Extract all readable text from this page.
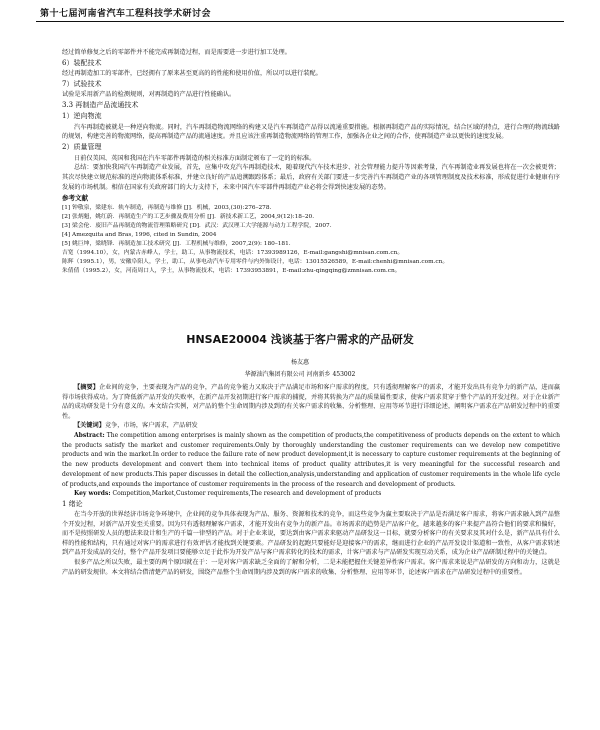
第十七届河南省汽车工程科技学术研讨会

经过简单修复之后的零部件并不能完成再制造过程，而是需要进一步进行加工处理。

6）装配技术

经过再制造加工的零部件，已经拥有了原来甚至更高的的性能和使用价值，所以可以进行装配。

7）试验技术

试验是采用新产品的检测规则，对再制造的产品进行性能确认。

3.3 再制造产品流通技术

1）逆向物流

汽车再制造被就是一种逆向物流。同时，汽车再制造物流网络的构建又是汽车再制造产品得以流通重要措施。根据再制造产品的实际情况，结合区域的特点，进行合理的物流线路的规划，构建完善的物流网络，提高再制造产品的流通速度。并且应该注重再制造物流网络的管理工作，加强各企业之间的合作，使再制造产业以更快的速度发展。

2）质量管理

日前仅美国、英国和我国在汽车零部件再制造的相关标准方面制定颁布了一定的的标准。

总结：要加快我国汽车再制造产业发展，首先，应集中攻克汽车再制造技术，随着现代汽车技术进步、社会管理能力提升等因素考量，汽车再制造业再发展也将在一次会被更替；其次尽快建立规范标准的逆向物流体系标准，并建立良好的产品追溯跟踪体系；最后，政府有关部门要进一步完善汽车再制造产业的各项管理制度及技术标准，形成促进行业健康有序发展的市场机制。相信在国家有关政府部门的大力支持下，未来中国汽车零部件再制造产业必将会得到快速发展的态势。

参考文献

[1] 钟敬泉，梁建东．轨车制造，再制造与维修 [J]．机械，2003,(30):276–278.

[2] 张炳魁，姚红蔚．再制造生产的工艺步骤及费用分析 [J]．新技术新工艺，2004,9(12):18–20.

[3] 梁会伦．废旧产品再制造的物流管理策略研究 [D]．武汉：武汉理工大学能源与动力工程学院，2007.

[4] Amezquita and Bras, 1996, cited in Sundin, 2004

[5] 姚巨坤，梁晓锋．再制造加工技术研究 [J]．工程机械与维修，2007,2(9): 180–181.

吉宽（1994.10），女，内蒙古赤峰人，学士，助工，从事物流技术，电话：17393989126，E-mail:gangshi@mnisan.com.cn。

陈辉（1995.1），男，安徽阜阳人，学士，助工，从事电动汽车专用零件与内外饰设计，电话：13015526589，E-mail:chenhi@mnisan.com.cn。

朱倩倩（1995.2），女，河南周口人，学士，从事物流技术，电话：17393953891，E-mail:zhu-qingqing@zmnisan.com.cn。

HNSAE20004 浅谈基于客户需求的产品研发
杨友惠
华源油汽集团有限公司 河南新乡 453002

【摘要】企业间的竞争，主要表现为产品的竞争，产品的竞争能力又取决于产品满足市场和客户需求的程度，只有透彻理解客户的需求，才能开发出具有竞争力的新产品，进而赢得市场获得成功。为了降低新产品开发的失败率，在新产品开发初期进行客户需求的捕捉，并将其转换为产品的质量属性要求，使客户需求贯穿于整个产品的开发过程。对于企业新产品的成功研发是十分有意义的。本文结合实例，对产品的整个生命周期内涉及到的有关客户需求的收集、分析整理、应用等环节进行详细论述，阐明客户需求在产品研发过程中的重要性。

【关键词】竞争，市场，客户需求，产品研发

Abstract: The competition among enterprises is mainly shown as the competition of products,the competitiveness of products depends on the extent to which the products satisfy the market and customer requirements.Only by thoroughly understanding the customer requirements can we develop new competitive products and win the market.In order to reduce the failure rate of new product development,it is necessary to capture customer requirements at the beginning of the new products development and convert them into technical items of product quality attributes,it is very meaningful for the successful research and development of new products.This paper discusses in detail the collection,analysis,understanding and application of customer requirements in the whole life cycle of products,and expounds the importance of customer requirements in the process of the research and development of products.

Key words: Competition,Market,Customer requirements,The research and development of products

1 绪论

在当今开放的世界经济市场竞争环境中，企业间的竞争具体表现为产品、服务、资源和技术的竞争，而这些竞争为赢主要取决于产品是否满足客户需求，将客户需求融入到产品整个开发过程，对新产品开发至关重要。因为只有透彻理解客户需求，才能开发出有竞争力的新产品。市场需求的趋势是产品客户化，越来越多的客户来提产品符合他们的要求和偏好，而不是按照研发人员的想法来设计和生产的千篇一律型的产品。对于企业来说，要达到由客户需求来驱动产品研发这一目标，就要分析客户的有关要求及其对什么是，新产品具有什么样的性能和结构，只有通过对客户的需求进行有效评估才能找到关键要素。产品研发的起跑只要能好是迎接客户的需求，继而进行企业的产品开发设计渠道和一致性，从客户需求转述到产品开发成品的交付，整个产品开发项目要能够立足于此作为开发产品与客户需求转化的技术的需求，计客户需求与产品研发实现互动关系，成为企业产品研制过程中的关键点。

很多产品之所以失败，最主要的两个原因就在于：一是对客户需求缺乏全面的了解和分析，二是未能把握住关键差异性客户需求。客户需求来说是产品研发的方向和动力，这就是产品的研发规律。本文将结合借清楚产品的研发，围绕产品整个生命周期内涉及到的客户需求的收集、分析整理、应用等环节，论述客户需求在产品研发过程中的重要性。
